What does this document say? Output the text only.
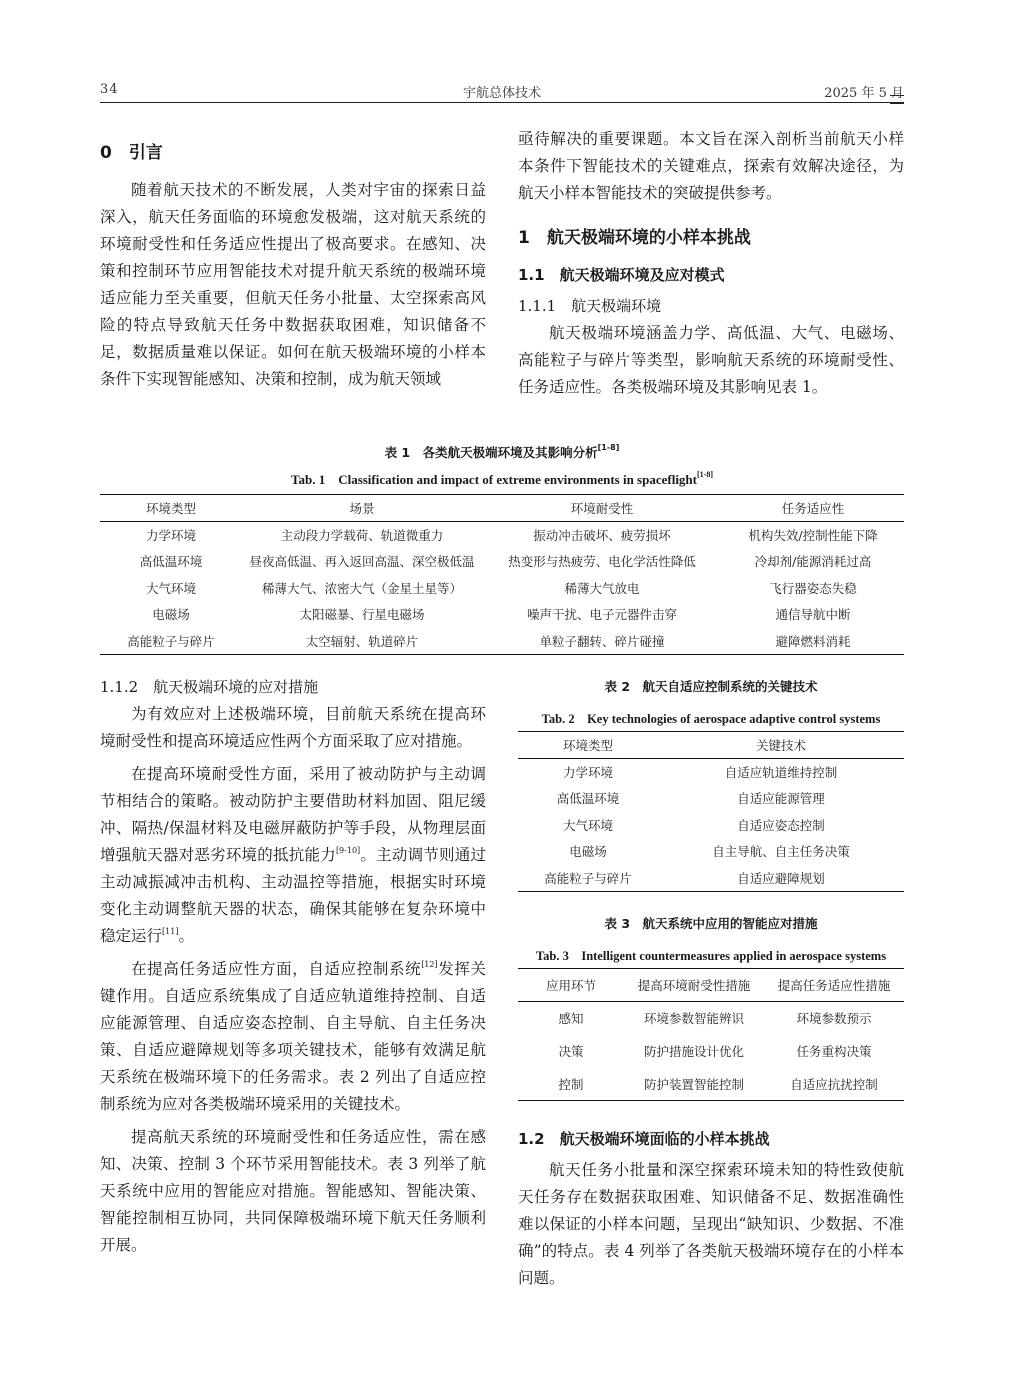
34	宇航总体技术	2025 年 5 月

0　引言

随着航天技术的不断发展，人类对宇宙的探索日益深入，航天任务面临的环境愈发极端，这对航天系统的环境耐受性和任务适应性提出了极高要求。在感知、决策和控制环节应用智能技术对提升航天系统的极端环境适应能力至关重要，但航天任务小批量、太空探索高风险的特点导致航天任务中数据获取困难，知识储备不足，数据质量难以保证。如何在航天极端环境的小样本条件下实现智能感知、决策和控制，成为航天领域

亟待解决的重要课题。本文旨在深入剖析当前航天小样本条件下智能技术的关键难点，探索有效解决途径，为航天小样本智能技术的突破提供参考。

1　航天极端环境的小样本挑战

1.1　航天极端环境及应对模式

1.1.1　航天极端环境

航天极端环境涵盖力学、高低温、大气、电磁场、高能粒子与碎片等类型，影响航天系统的环境耐受性、任务适应性。各类极端环境及其影响见表 1。

表 1　各类航天极端环境及其影响分析[1-8]
Tab. 1　Classification and impact of extreme environments in spaceflight[1-8]
环境类型	场景	环境耐受性	任务适应性
力学环境	主动段力学载荷、轨道微重力	振动冲击破坏、疲劳损坏	机构失效/控制性能下降
高低温环境	昼夜高低温、再入返回高温、深空极低温	热变形与热疲劳、电化学活性降低	冷却剂/能源消耗过高
大气环境	稀薄大气、浓密大气（金星土星等）	稀薄大气放电	飞行器姿态失稳
电磁场	太阳磁暴、行星电磁场	噪声干扰、电子元器件击穿	通信导航中断
高能粒子与碎片	太空辐射、轨道碎片	单粒子翻转、碎片碰撞	避障燃料消耗

1.1.2　航天极端环境的应对措施

为有效应对上述极端环境，目前航天系统在提高环境耐受性和提高环境适应性两个方面采取了应对措施。

在提高环境耐受性方面，采用了被动防护与主动调节相结合的策略。被动防护主要借助材料加固、阻尼缓冲、隔热/保温材料及电磁屏蔽防护等手段，从物理层面增强航天器对恶劣环境的抵抗能力[9-10]。主动调节则通过主动减振减冲击机构、主动温控等措施，根据实时环境变化主动调整航天器的状态，确保其能够在复杂环境中稳定运行[11]。

在提高任务适应性方面，自适应控制系统[12]发挥关键作用。自适应系统集成了自适应轨道维持控制、自适应能源管理、自适应姿态控制、自主导航、自主任务决策、自适应避障规划等多项关键技术，能够有效满足航天系统在极端环境下的任务需求。表 2 列出了自适应控制系统为应对各类极端环境采用的关键技术。

提高航天系统的环境耐受性和任务适应性，需在感知、决策、控制 3 个环节采用智能技术。表 3 列举了航天系统中应用的智能应对措施。智能感知、智能决策、智能控制相互协同，共同保障极端环境下航天任务顺利开展。

表 2　航天自适应控制系统的关键技术
Tab. 2　Key technologies of aerospace adaptive control systems
环境类型	关键技术
力学环境	自适应轨道维持控制
高低温环境	自适应能源管理
大气环境	自适应姿态控制
电磁场	自主导航、自主任务决策
高能粒子与碎片	自适应避障规划
表 3　航天系统中应用的智能应对措施
Tab. 3　Intelligent countermeasures applied in aerospace systems
应用环节	提高环境耐受性措施	提高任务适应性措施
感知	环境参数智能辨识	环境参数预示
决策	防护措施设计优化	任务重构决策
控制	防护装置智能控制	自适应抗扰控制

1.2　航天极端环境面临的小样本挑战

航天任务小批量和深空探索环境未知的特性致使航天任务存在数据获取困难、知识储备不足、数据准确性难以保证的小样本问题，呈现出“缺知识、少数据、不准确”的特点。表 4 列举了各类航天极端环境存在的小样本问题。
